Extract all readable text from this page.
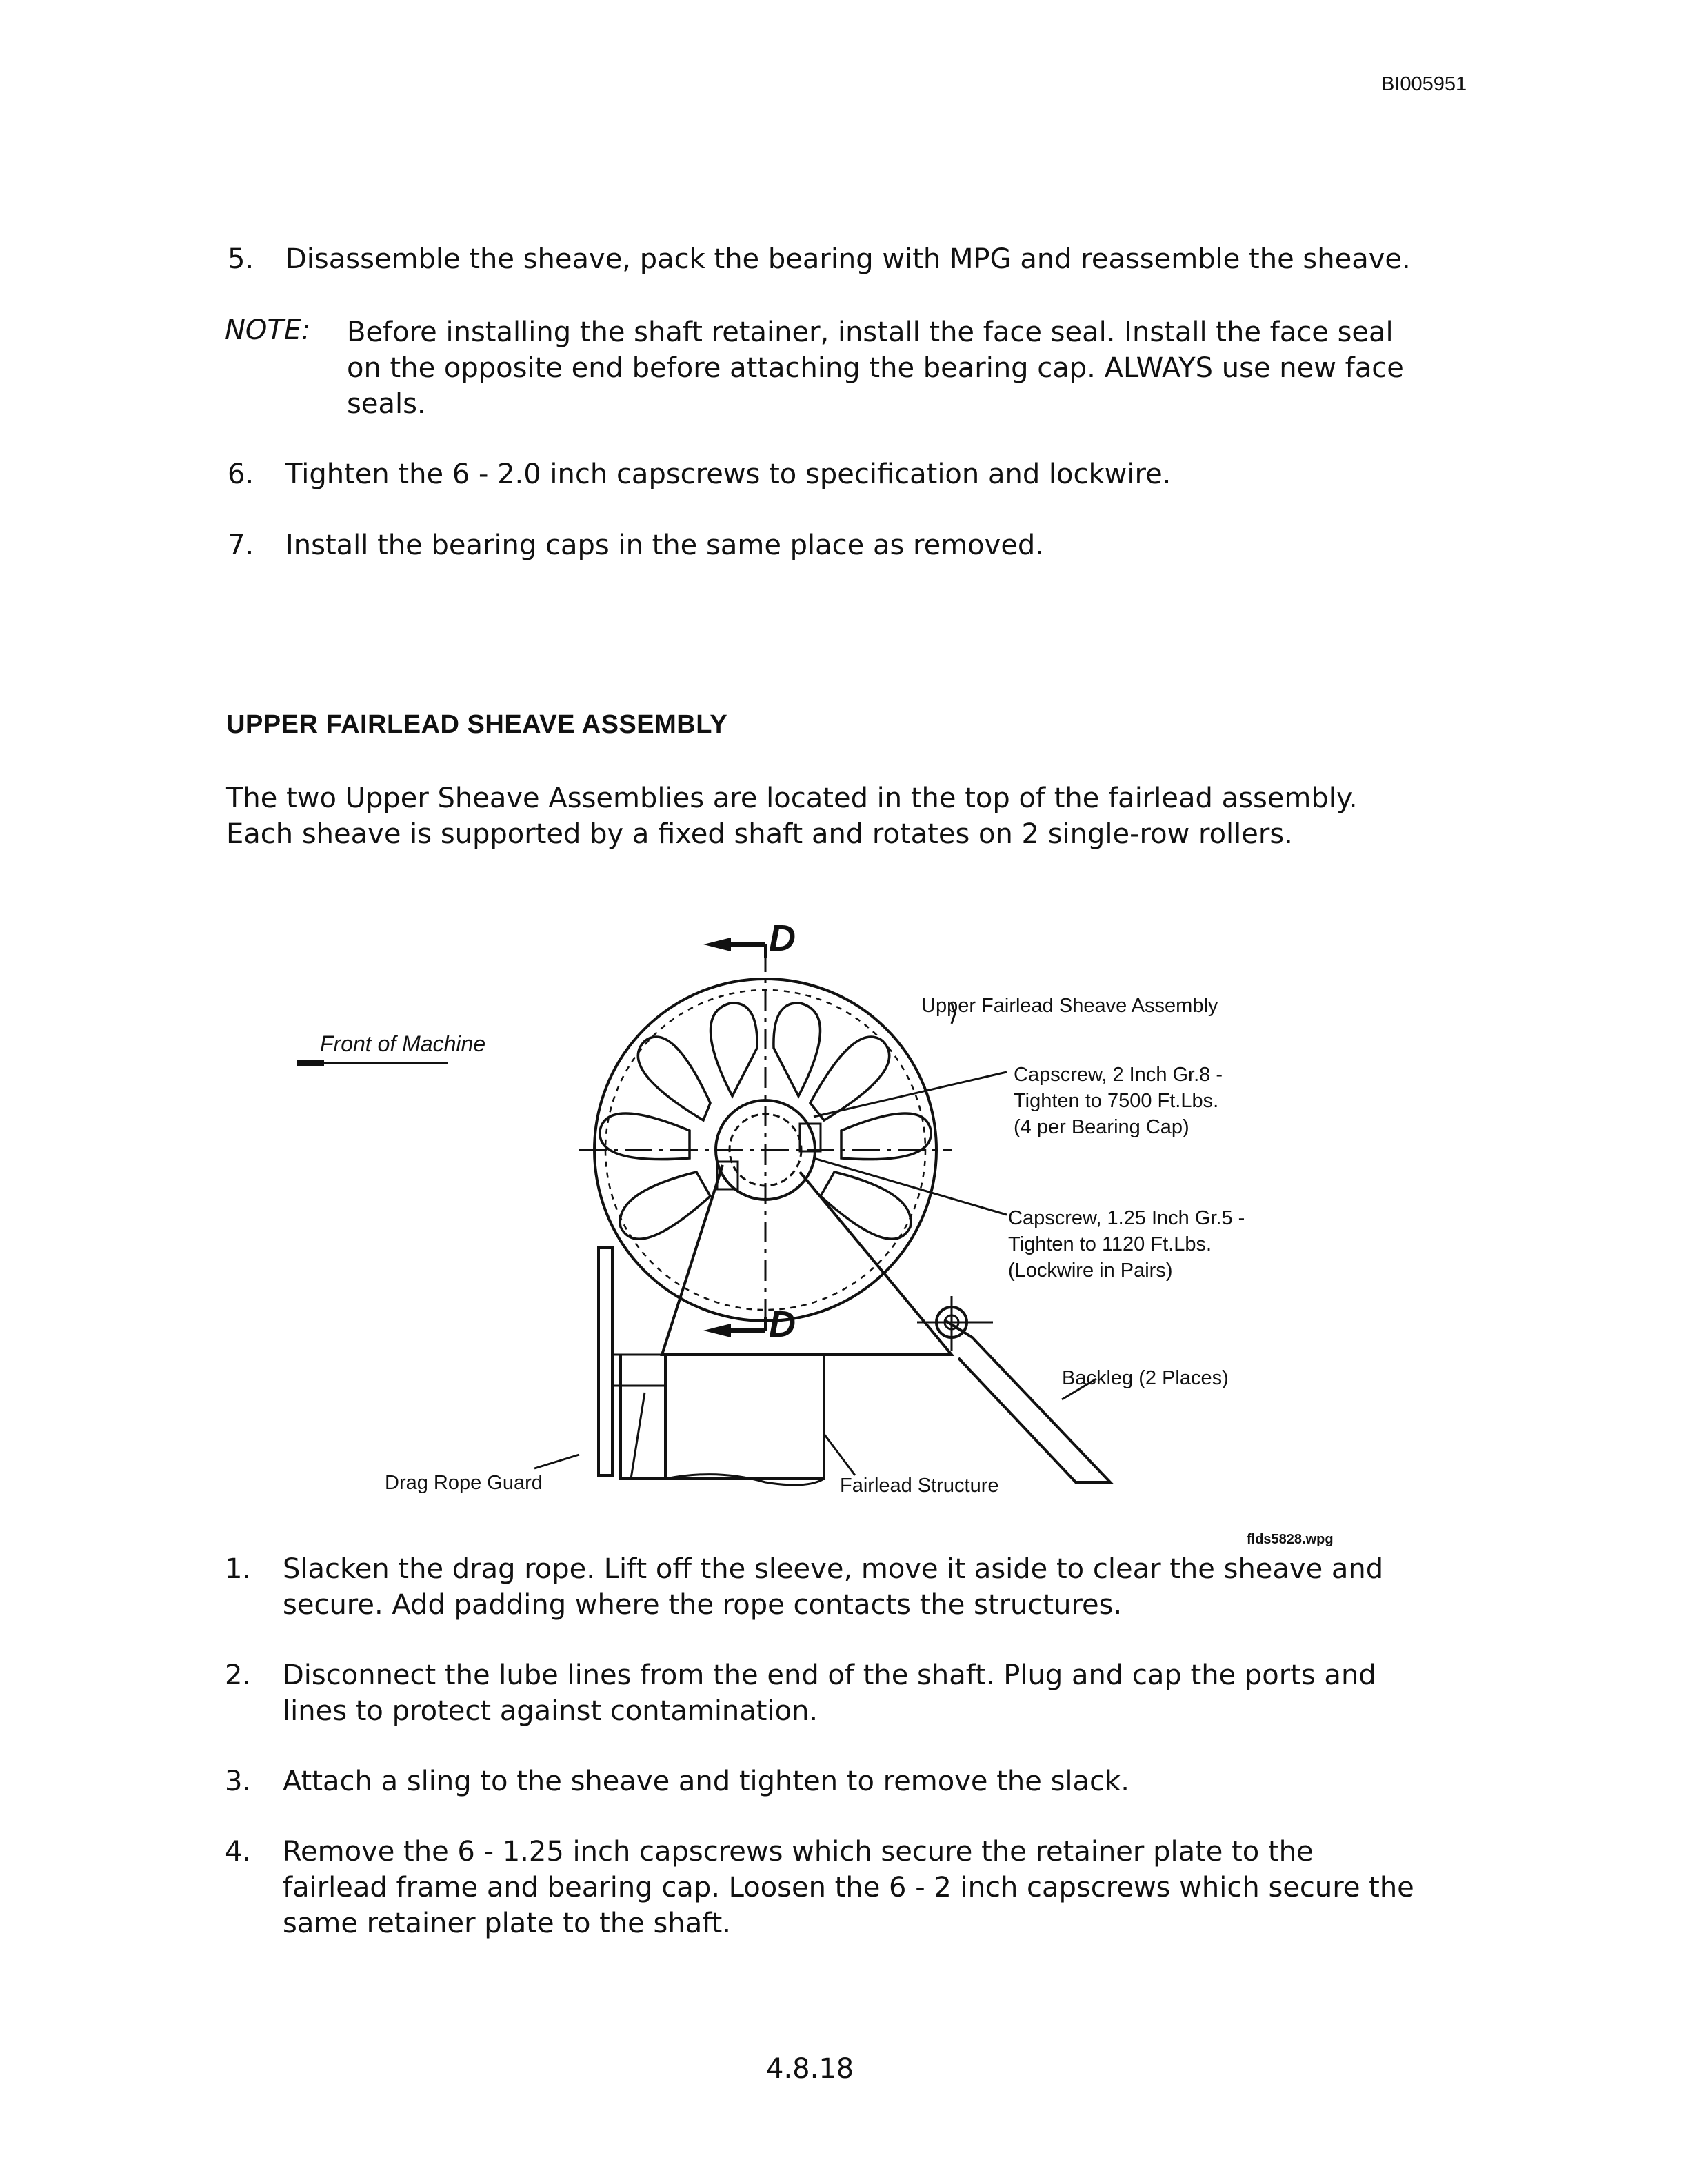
BI005951
5. Disassemble the sheave, pack the bearing with MPG and reassemble the sheave.
NOTE: Before installing the shaft retainer, install the face seal. Install the face seal on the opposite end before attaching the bearing cap. ALWAYS use new face seals.
6. Tighten the 6 - 2.0 inch capscrews to specification and lockwire.
7. Install the bearing caps in the same place as removed.
UPPER FAIRLEAD SHEAVE ASSEMBLY
The two Upper Sheave Assemblies are located in the top of the fairlead assembly. Each sheave is supported by a fixed shaft and rotates on 2 single-row rollers.
D
D
Front of Machine
Upper Fairlead Sheave Assembly
Capscrew, 2 Inch Gr.8 -
Tighten to 7500 Ft.Lbs.
(4 per Bearing Cap)
Capscrew, 1.25 Inch Gr.5 -
Tighten to 1120 Ft.Lbs.
(Lockwire in Pairs)
Backleg (2 Places)
Drag Rope Guard	Fairlead Structure
flds5828.wpg
1. Slacken the drag rope. Lift off the sleeve, move it aside to clear the sheave and secure. Add padding where the rope contacts the structures.
2. Disconnect the lube lines from the end of the shaft. Plug and cap the ports and lines to protect against contamination.
3. Attach a sling to the sheave and tighten to remove the slack.
4. Remove the 6 - 1.25 inch capscrews which secure the retainer plate to the fairlead frame and bearing cap. Loosen the 6 - 2 inch capscrews which secure the same retainer plate to the shaft.
4.8.18
